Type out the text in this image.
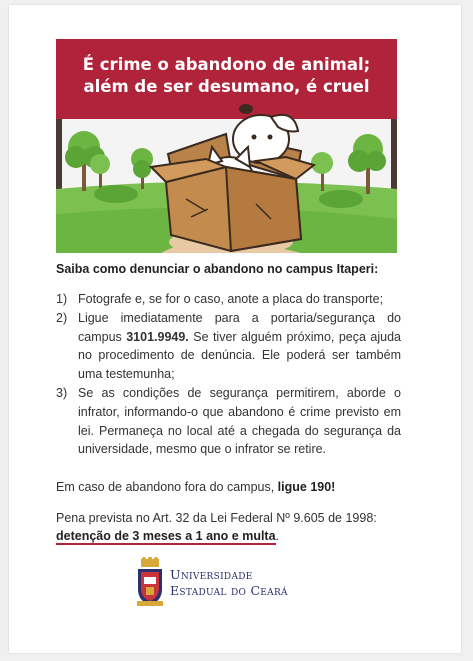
É crime o abandono de animal;
além de ser desumano, é cruel
Saiba como denunciar o abandono no campus Itaperi:
1) Fotografe e, se for o caso, anote a placa do transporte;
2) Ligue imediatamente para a portaria/segurança do campus 3101.9949. Se tiver alguém próximo, peça ajuda no procedimento de denúncia. Ele poderá ser também uma testemunha;
3) Se as condições de segurança permitirem, aborde o infrator, informando-o que abandono é crime previsto em lei. Permaneça no local até a chegada do segurança da universidade, mesmo que o infrator se retire.

Em caso de abandono fora do campus, ligue 190!

Pena prevista no Art. 32 da Lei Federal Nº 9.605 de 1998: detenção de 3 meses a 1 ano e multa.

Universidade
Estadual do Ceará
